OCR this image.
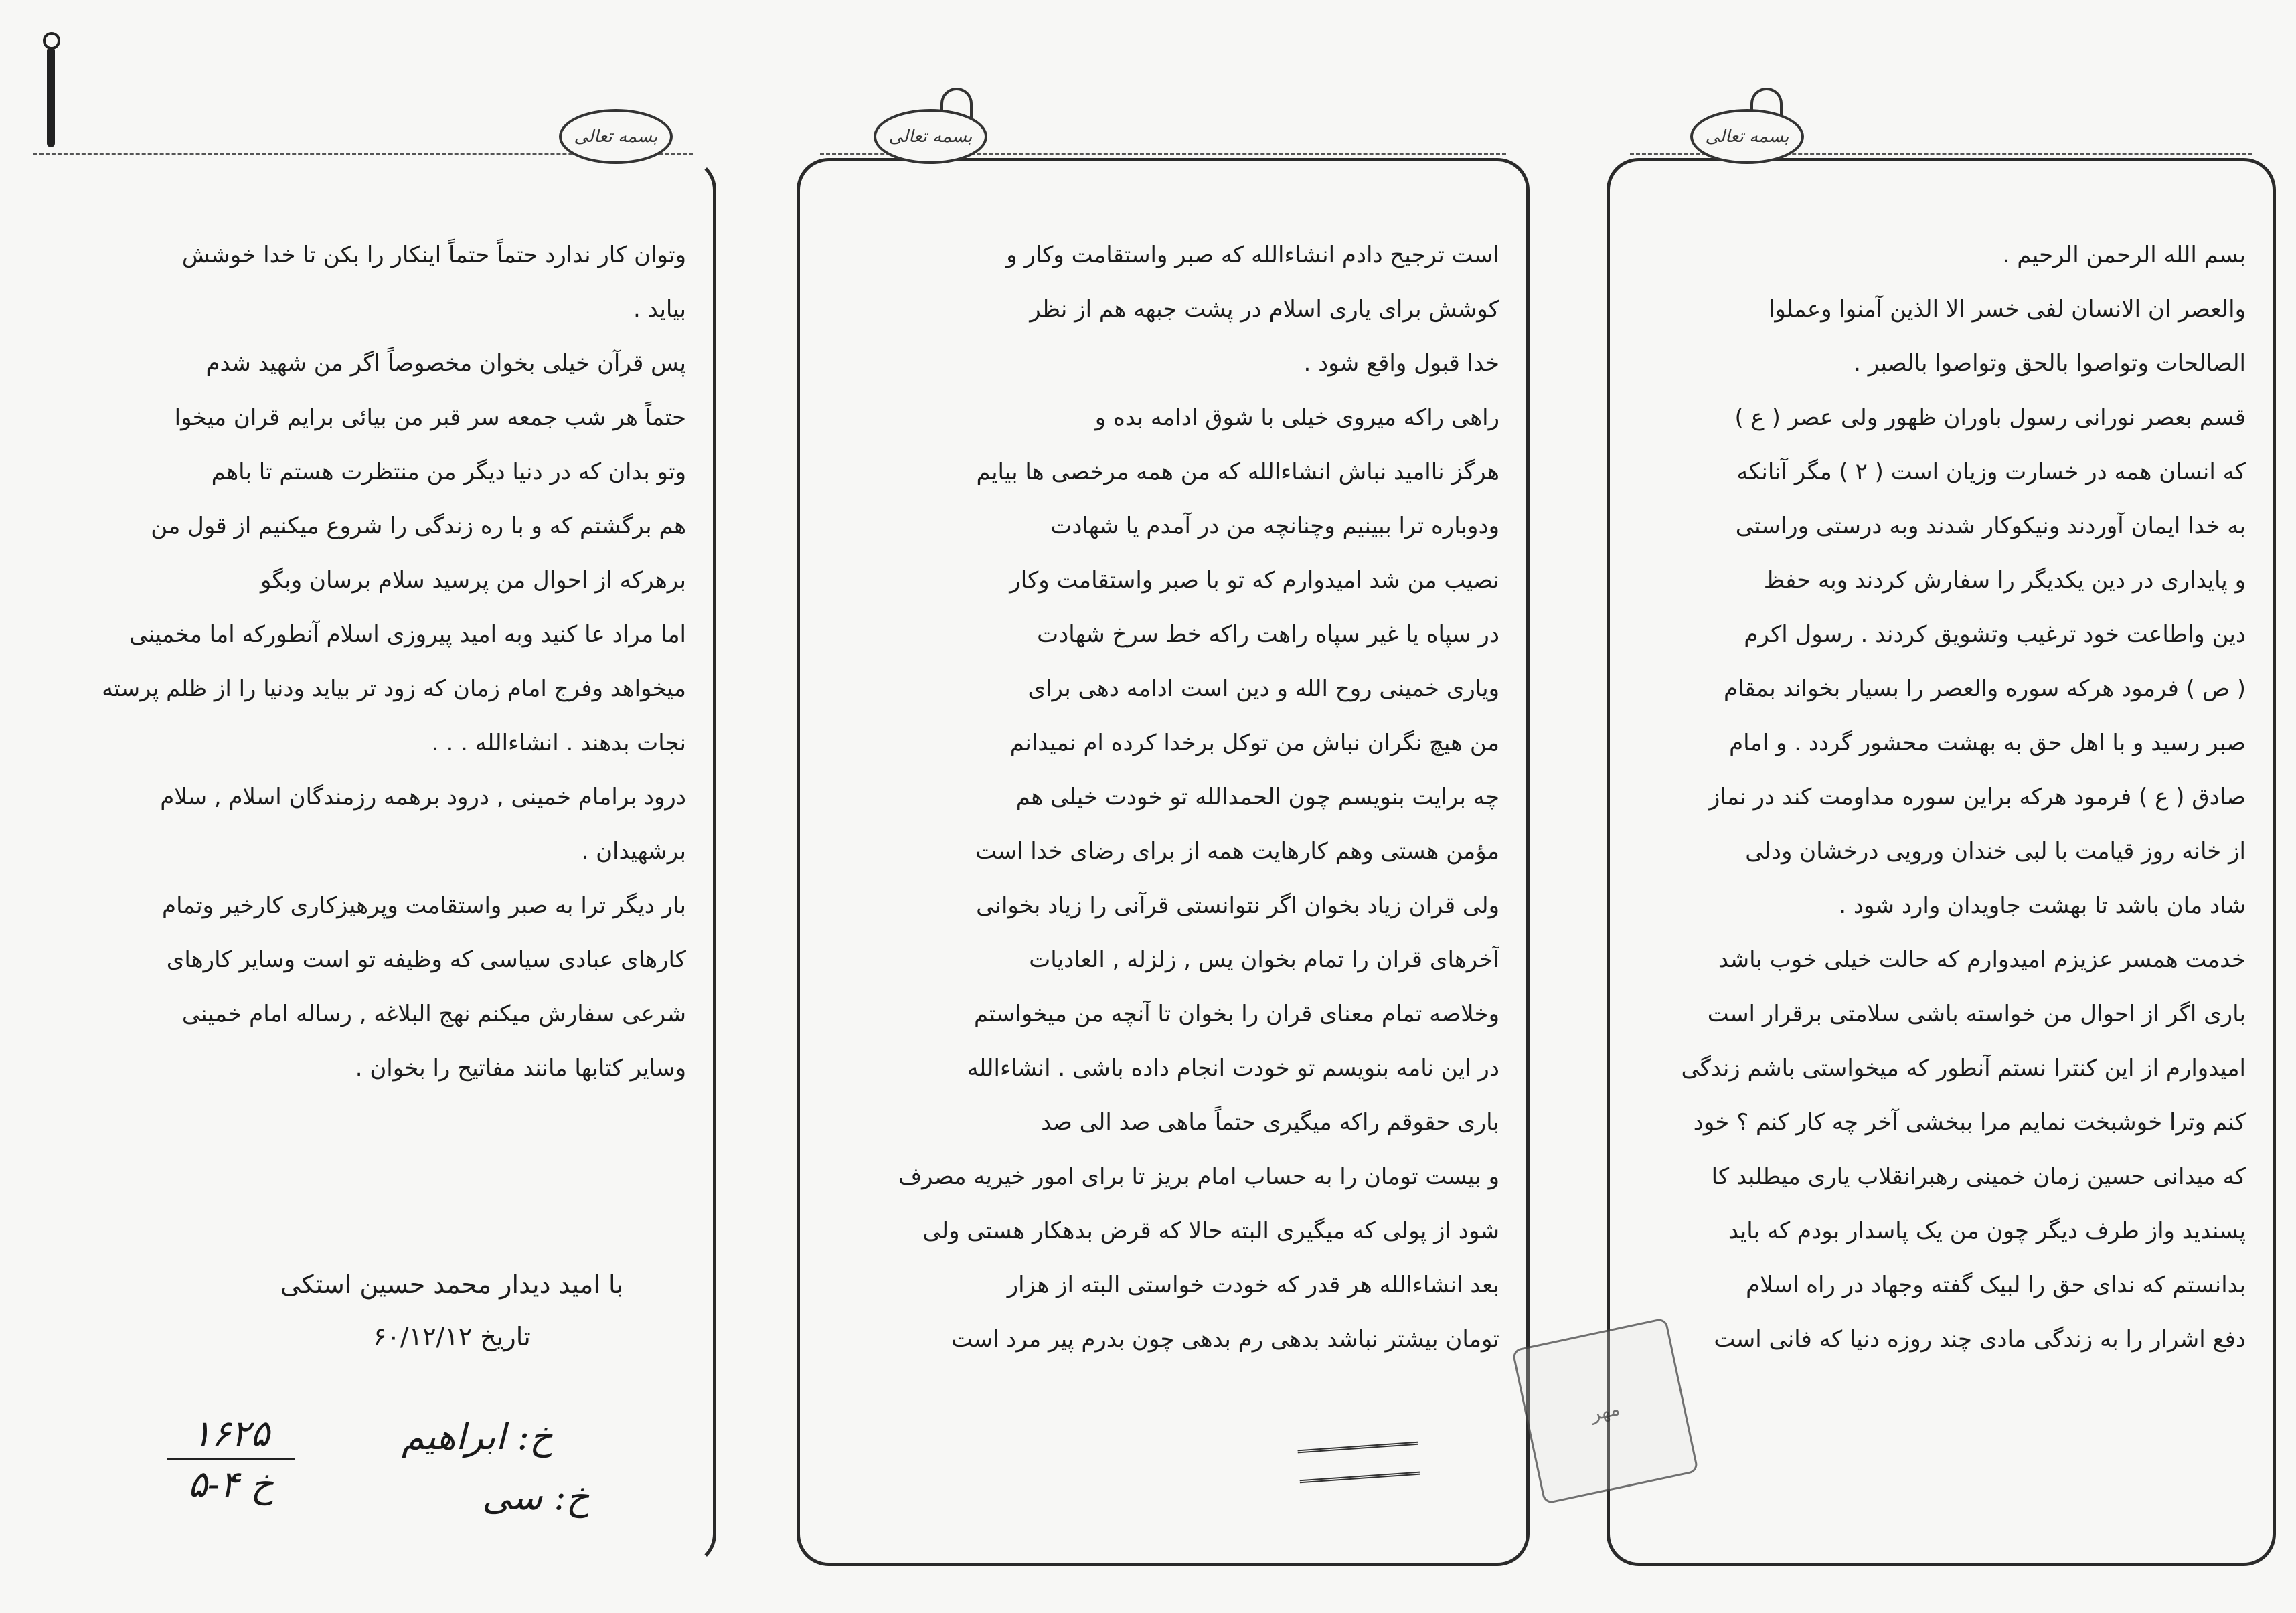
بسمه تعالی

بسم الله الرحمن الرحیم .

والعصر ان الانسان لفی خسر الا الذین آمنوا وعملوا

الصالحات وتواصوا بالحق وتواصوا بالصبر .

قسم بعصر نورانی رسول باوران ظهور ولی عصر ( ع )

که انسان همه در خسارت وزیان است ( ۲ ) مگر آنانکه

به خدا ایمان آوردند ونیکوکار شدند وبه درستی وراستی

و پایداری در دین یکدیگر را سفارش کردند وبه حفظ

دین واطاعت خود ترغیب وتشویق کردند . رسول اکرم

( ص ) فرمود هرکه سوره والعصر را بسیار بخواند بمقام

صبر رسید و با اهل حق به بهشت محشور گردد . و امام

صادق ( ع ) فرمود هرکه براین سوره مداومت کند در نماز

از خانه روز قیامت با لبی خندان ورویی درخشان ودلی

شاد مان باشد تا بهشت جاویدان وارد شود .

خدمت همسر عزیزم امیدوارم که حالت خیلی خوب باشد

باری اگر از احوال من خواسته باشی سلامتی برقرار است

امیدوارم از این کنترا نستم آنطور که میخواستی باشم زندگی

کنم وترا خوشبخت نمایم مرا ببخشی آخر چه کار کنم ؟ خود

که میدانی حسین زمان خمینی رهبرانقلاب یاری میطلبد کا

پسندید واز طرف دیگر چون من یک پاسدار بودم که باید

بدانستم که ندای حق را لبیک گفته وجهاد در راه اسلام

دفع اشرار را به زندگی مادی چند روزه دنیا که فانی است

بسمه تعالی

است ترجیح دادم انشاءالله که صبر واستقامت وکار و

کوشش برای یاری اسلام در پشت جبهه هم از نظر

خدا قبول واقع شود .

راهی راکه میروی خیلی با شوق ادامه بده و

هرگز ناامید نباش انشاءالله که من همه مرخصی ها بیایم

ودوباره ترا ببینیم وچنانچه من در آمدم یا شهادت

نصیب من شد امیدوارم که تو با صبر واستقامت وکار

در سپاه یا غیر سپاه راهت راکه خط سرخ شهادت

ویاری خمینی روح الله و دین است ادامه دهی برای

من هیچ نگران نباش من توکل برخدا کرده ام نمیدانم

چه برایت بنویسم چون الحمدالله تو خودت خیلی هم

مؤمن هستی وهم کارهایت همه از برای رضای خدا است

ولی قران زیاد بخوان اگر نتوانستی قرآنی را زیاد بخوانی

آخرهای قران را تمام بخوان یس , زلزله , العادیات

وخلاصه تمام معنای قران را بخوان تا آنچه من میخواستم

در این نامه بنویسم تو خودت انجام داده باشی . انشاءالله

باری حقوقم راکه میگیری حتماً ماهی صد الی صد

و بیست تومان را به حساب امام بریز تا برای امور خیریه مصرف

شود از پولی که میگیری البته حالا که قرض بدهکار هستی ولی

بعد انشاءالله هر قدر که خودت خواستی البته از هزار

تومان بیشتر نباشد بدهی رم بدهی چون بدرم پیر مرد است

بسمه تعالی

وتوان کار ندارد حتماً حتماً اینکار را بکن تا خدا خوشش

بیاید .

پس قرآن خیلی بخوان مخصوصاً اگر من شهید شدم

حتماً هر شب جمعه سر قبر من بیائی برایم قران میخوا

وتو بدان که در دنیا دیگر من منتظرت هستم تا باهم

هم برگشتم که و با ره زندگی را شروع میکنیم از قول من

برهرکه از احوال من پرسید سلام برسان وبگو

اما مراد عا کنید وبه امید پیروزی اسلام آنطورکه اما مخمینی

میخواهد وفرج امام زمان که زود تر بیاید ودنیا را از ظلم پرسته

نجات بدهند . انشاءالله . . .

درود برامام خمینی , درود برهمه رزمندگان اسلام , سلام

برشهیدان .

بار دیگر ترا به صبر واستقامت وپرهیزکاری کارخیر وتمام

کارهای عبادی سیاسی که وظیفه تو است وسایر کارهای

شرعی سفارش میکنم نهج البلاغه , رساله امام خمینی

وسایر کتابها مانند مفاتیح را بخوان .

با امید دیدار محمد حسین استکی

تاریخ ۶۰/۱۲/۱۲

۱۶۲۵
۵-۴ خ
خ: ابراهیم
خ: سی
مهر
